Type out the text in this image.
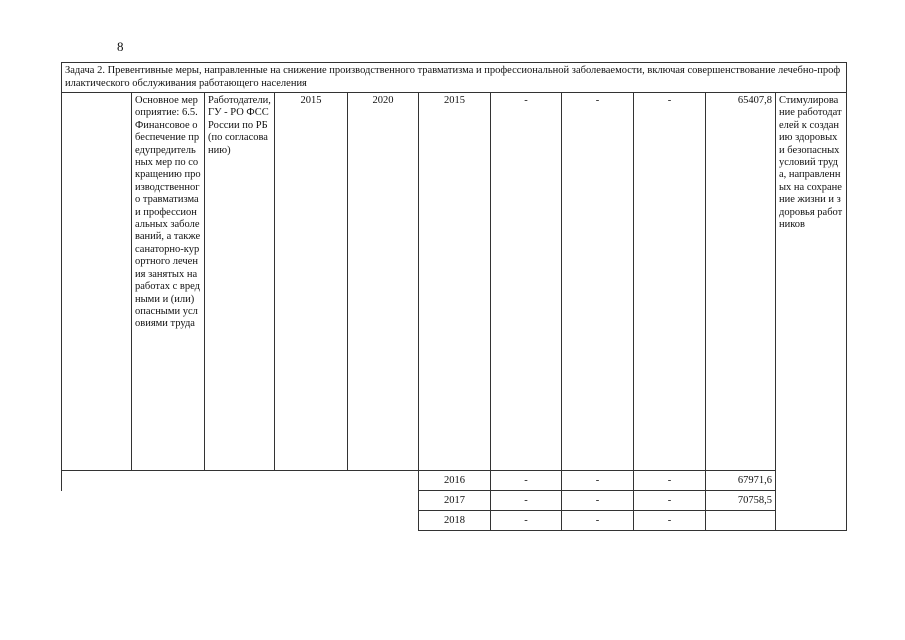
8
Задача 2. Превентивные меры, направленные на снижение производственного травматизма и профессиональной заболеваемости, включая совершенствование лечебно-профилактического обслуживания работающего населения										
	Основное мероприятие: 6.5.Финансовое обеспечение предупредительных мер по сокращению производственного травматизма и профессиональных заболеваний, а также санаторно-курортного лечения занятых на работах с вредными и (или) опасными условиями труда	Работодатели, ГУ - РО ФСС России по РБ (по согласованию)	2015	2020	2015	-	-	-	65407,8	Стимулирование работодателей к созданию здоровых и безопасных условий труда, направленных на сохранение жизни и здоровья работников
					2016	-	-	-	67971,6	
					2017	-	-	-	70758,5	
					2018	-	-	-		
